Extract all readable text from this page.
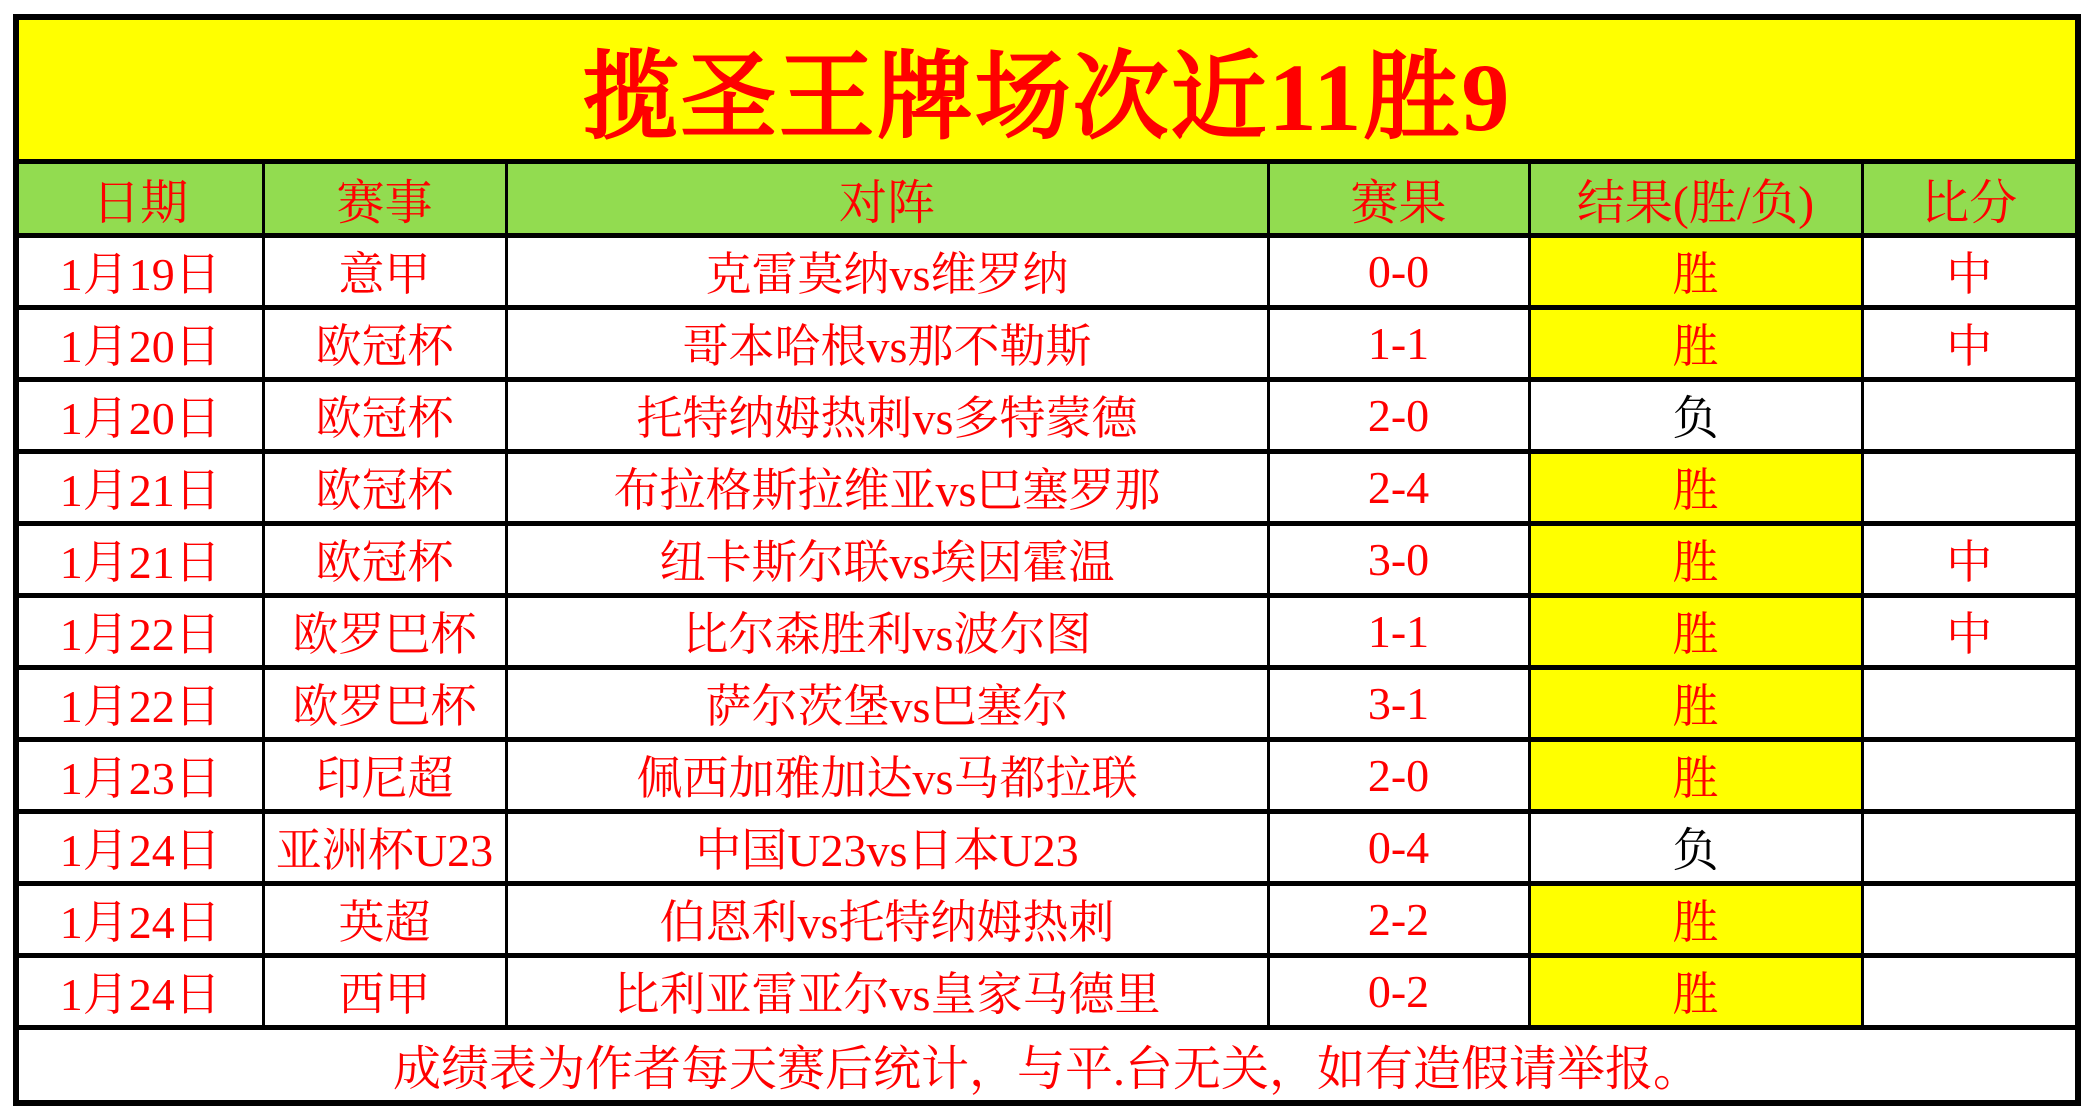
揽圣王牌场次近11胜9					
日期	赛事	对阵	赛果	结果(胜/负)	比分
1月19日	意甲	克雷莫纳vs维罗纳	0-0	胜	中
1月20日	欧冠杯	哥本哈根vs那不勒斯	1-1	胜	中
1月20日	欧冠杯	托特纳姆热刺vs多特蒙德	2-0	负	
1月21日	欧冠杯	布拉格斯拉维亚vs巴塞罗那	2-4	胜	
1月21日	欧冠杯	纽卡斯尔联vs埃因霍温	3-0	胜	中
1月22日	欧罗巴杯	比尔森胜利vs波尔图	1-1	胜	中
1月22日	欧罗巴杯	萨尔茨堡vs巴塞尔	3-1	胜	
1月23日	印尼超	佩西加雅加达vs马都拉联	2-0	胜	
1月24日	亚洲杯U23	中国U23vs日本U23	0-4	负	
1月24日	英超	伯恩利vs托特纳姆热刺	2-2	胜	
1月24日	西甲	比利亚雷亚尔vs皇家马德里	0-2	胜	
成绩表为作者每天赛后统计，与平.台无关，如有造假请举报。					
